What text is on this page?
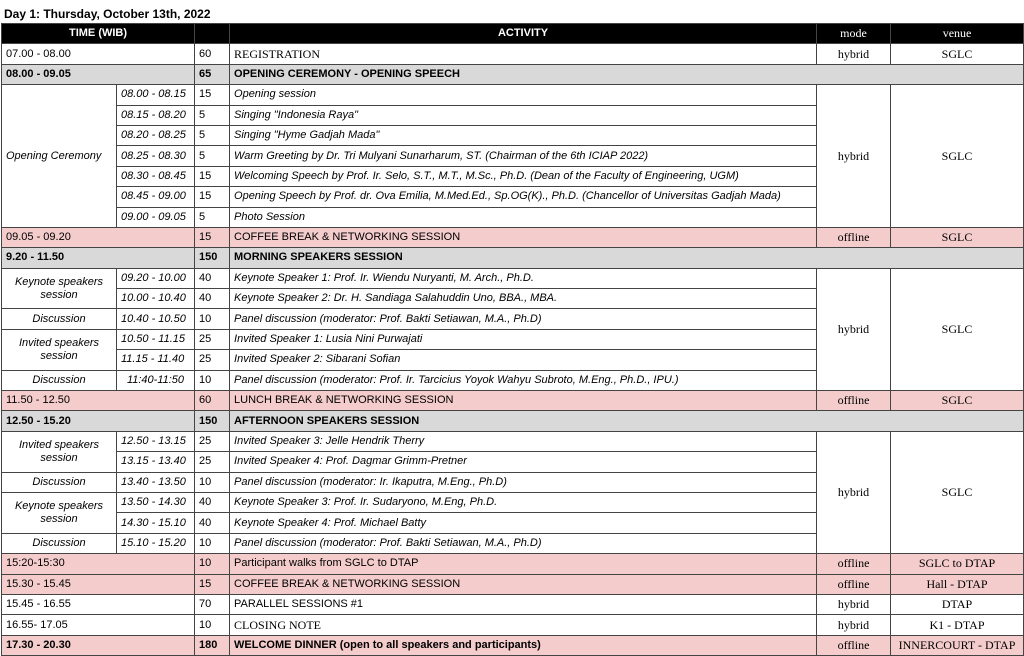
Day 1: Thursday, October 13th, 2022
TIME (WIB)			ACTIVITY	mode	venue
07.00 - 08.00		60	REGISTRATION	hybrid	SGLC
08.00 - 09.05		65	OPENING CEREMONY - OPENING SPEECH		
Opening Ceremony	08.00 - 08.15	15	Opening session	hybrid	SGLC
	08.15 - 08.20	5	Singing "Indonesia Raya"		
	08.20 - 08.25	5	Singing "Hyme Gadjah Mada"		
	08.25 - 08.30	5	Warm Greeting by Dr. Tri Mulyani Sunarharum, ST. (Chairman of the 6th ICIAP 2022)		
	08.30 - 08.45	15	Welcoming Speech by Prof. Ir. Selo, S.T., M.T., M.Sc., Ph.D. (Dean of the Faculty of Engineering, UGM)		
	08.45 - 09.00	15	Opening Speech by Prof. dr. Ova Emilia, M.Med.Ed., Sp.OG(K)., Ph.D. (Chancellor of Universitas Gadjah Mada)		
	09.00 - 09.05	5	Photo Session		
09.05 - 09.20		15	COFFEE BREAK & NETWORKING SESSION	offline	SGLC
9.20 - 11.50		150	MORNING SPEAKERS SESSION		
Keynote speakers session	09.20 - 10.00	40	Keynote Speaker 1: Prof. Ir. Wiendu Nuryanti, M. Arch., Ph.D.	hybrid	SGLC
	10.00 - 10.40	40	Keynote Speaker 2: Dr. H. Sandiaga Salahuddin Uno, BBA., MBA.		
Discussion	10.40 - 10.50	10	Panel discussion (moderator: Prof. Bakti Setiawan, M.A., Ph.D)		
Invited speakers session	10.50 - 11.15	25	Invited Speaker 1: Lusia Nini Purwajati		
	11.15 - 11.40	25	Invited Speaker 2: Sibarani Sofian		
Discussion	11:40-11:50	10	Panel discussion (moderator: Prof. Ir. Tarcicius Yoyok Wahyu Subroto, M.Eng., Ph.D., IPU.)		
11.50 - 12.50		60	LUNCH BREAK & NETWORKING SESSION	offline	SGLC
12.50 - 15.20		150	AFTERNOON SPEAKERS SESSION		
Invited speakers session	12.50 - 13.15	25	Invited Speaker 3: Jelle Hendrik Therry	hybrid	SGLC
	13.15 - 13.40	25	Invited Speaker 4: Prof. Dagmar Grimm-Pretner		
Discussion	13.40 - 13.50	10	Panel discussion (moderator: Ir. Ikaputra, M.Eng., Ph.D)		
Keynote speakers session	13.50 - 14.30	40	Keynote Speaker 3: Prof. Ir. Sudaryono, M.Eng, Ph.D.		
	14.30 - 15.10	40	Keynote Speaker 4: Prof. Michael Batty		
Discussion	15.10 - 15.20	10	Panel discussion (moderator: Prof. Bakti Setiawan, M.A., Ph.D)		
15:20-15:30		10	Participant walks from SGLC to DTAP	offline	SGLC to DTAP
15.30 - 15.45		15	COFFEE BREAK & NETWORKING SESSION	offline	Hall - DTAP
15.45 - 16.55		70	PARALLEL SESSIONS #1	hybrid	DTAP
16.55- 17.05		10	CLOSING NOTE	hybrid	K1 - DTAP
17.30 - 20.30		180	WELCOME DINNER (open to all speakers and participants)	offline	INNERCOURT - DTAP
